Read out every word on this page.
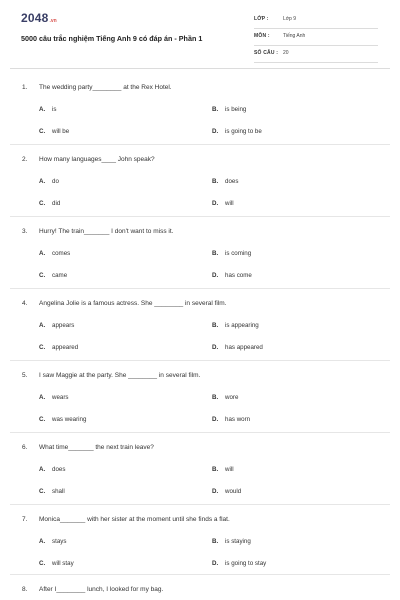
2048 .vn
5000 câu trắc nghiệm Tiếng Anh 9 có đáp án - Phần 1
LỚP :	Lớp 9
MÔN :	Tiếng Anh
SỐ CÂU : 20
1. The wedding party________ at the Rex Hotel.
A. is	B. is being
C. will be	D. is going to be
2. How many languages____ John speak?
A. do	B. does
C. did	D. will
3. Hurry! The train_______ I don't want to miss it.
A. comes	B. is coming
C. came	D. has come
4. Angelina Jolie is a famous actress. She ________ in several film.
A. appears	B. is appearing
C. appeared	D. has appeared
5. I saw Maggie at the party. She ________ in several film.
A. wears	B. wore
C. was wearing	D. has worn
6. What time_______ the next train leave?
A. does	B. will
C. shall	D. would
7. Monica_______ with her sister at the moment until she finds a flat.
A. stays	B. is staying
C. will stay	D. is going to stay
8. After I________ lunch, I looked for my bag.
